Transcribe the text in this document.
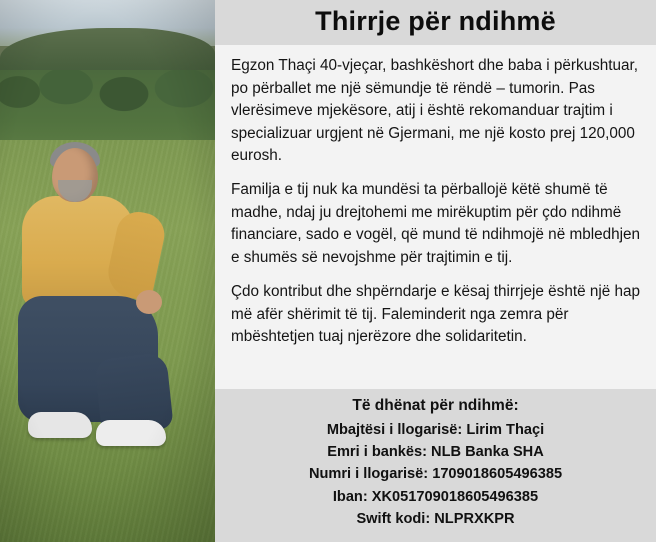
Thirrje për ndihmë

Egzon Thaçi 40-vjeçar, bashkëshort dhe baba i përkushtuar, po përballet me një sëmundje të rëndë – tumorin. Pas vlerësimeve mjekësore, atij i është rekomanduar trajtim i specializuar urgjent në Gjermani, me një kosto prej 120,000 eurosh.

Familja e tij nuk ka mundësi ta përballojë këtë shumë të madhe, ndaj ju drejtohemi me mirëkuptim për çdo ndihmë financiare, sado e vogël, që mund të ndihmojë në mbledhjen e shumës së nevojshme për trajtimin e tij.

Çdo kontribut dhe shpërndarje e kësaj thirrjeje është një hap më afër shërimit të tij. Faleminderit nga zemra për mbështetjen tuaj njerëzore dhe solidaritetin.

Të dhënat për ndihmë:
Mbajtësi i llogarisë: Lirim Thaçi
Emri i bankës: NLB Banka SHA
Numri i llogarisë: 1709018605496385
Iban: XK051709018605496385
Swift kodi: NLPRXKPR
